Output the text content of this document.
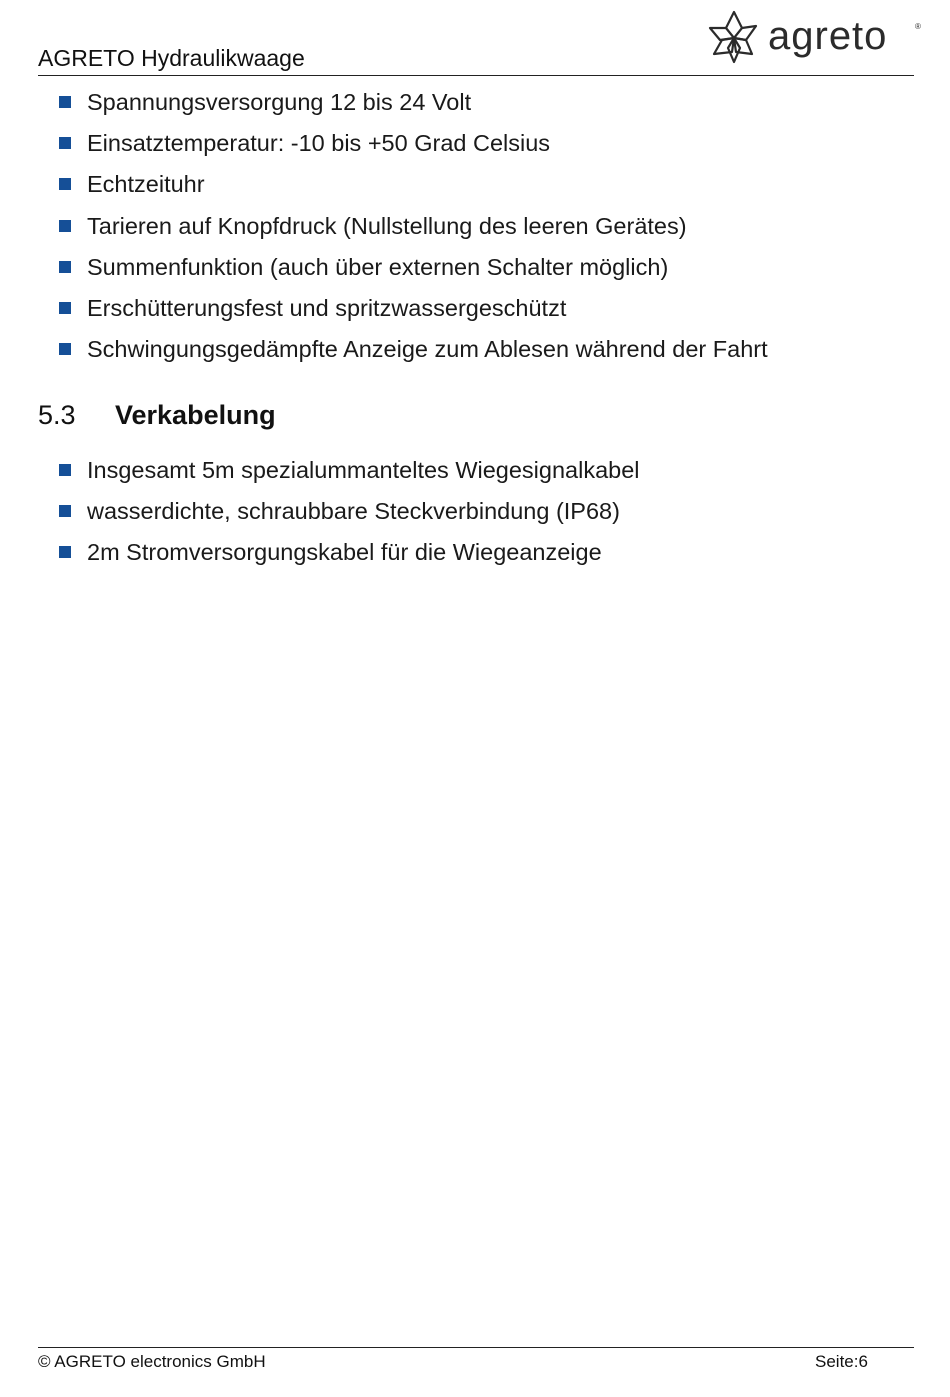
AGRETO Hydraulikwaage	agreto	®
Spannungsversorgung 12 bis 24 Volt
Einsatztemperatur: -10 bis +50 Grad Celsius
Echtzeituhr
Tarieren auf Knopfdruck (Nullstellung des leeren Gerätes)
Summenfunktion (auch über externen Schalter möglich)
Erschütterungsfest und spritzwassergeschützt
Schwingungsgedämpfte Anzeige zum Ablesen während der Fahrt
5.3 Verkabelung
Insgesamt 5m spezialummanteltes Wiegesignalkabel
wasserdichte, schraubbare Steckverbindung (IP68)
2m Stromversorgungskabel für die Wiegeanzeige
© AGRETO electronics GmbH	Seite:6
